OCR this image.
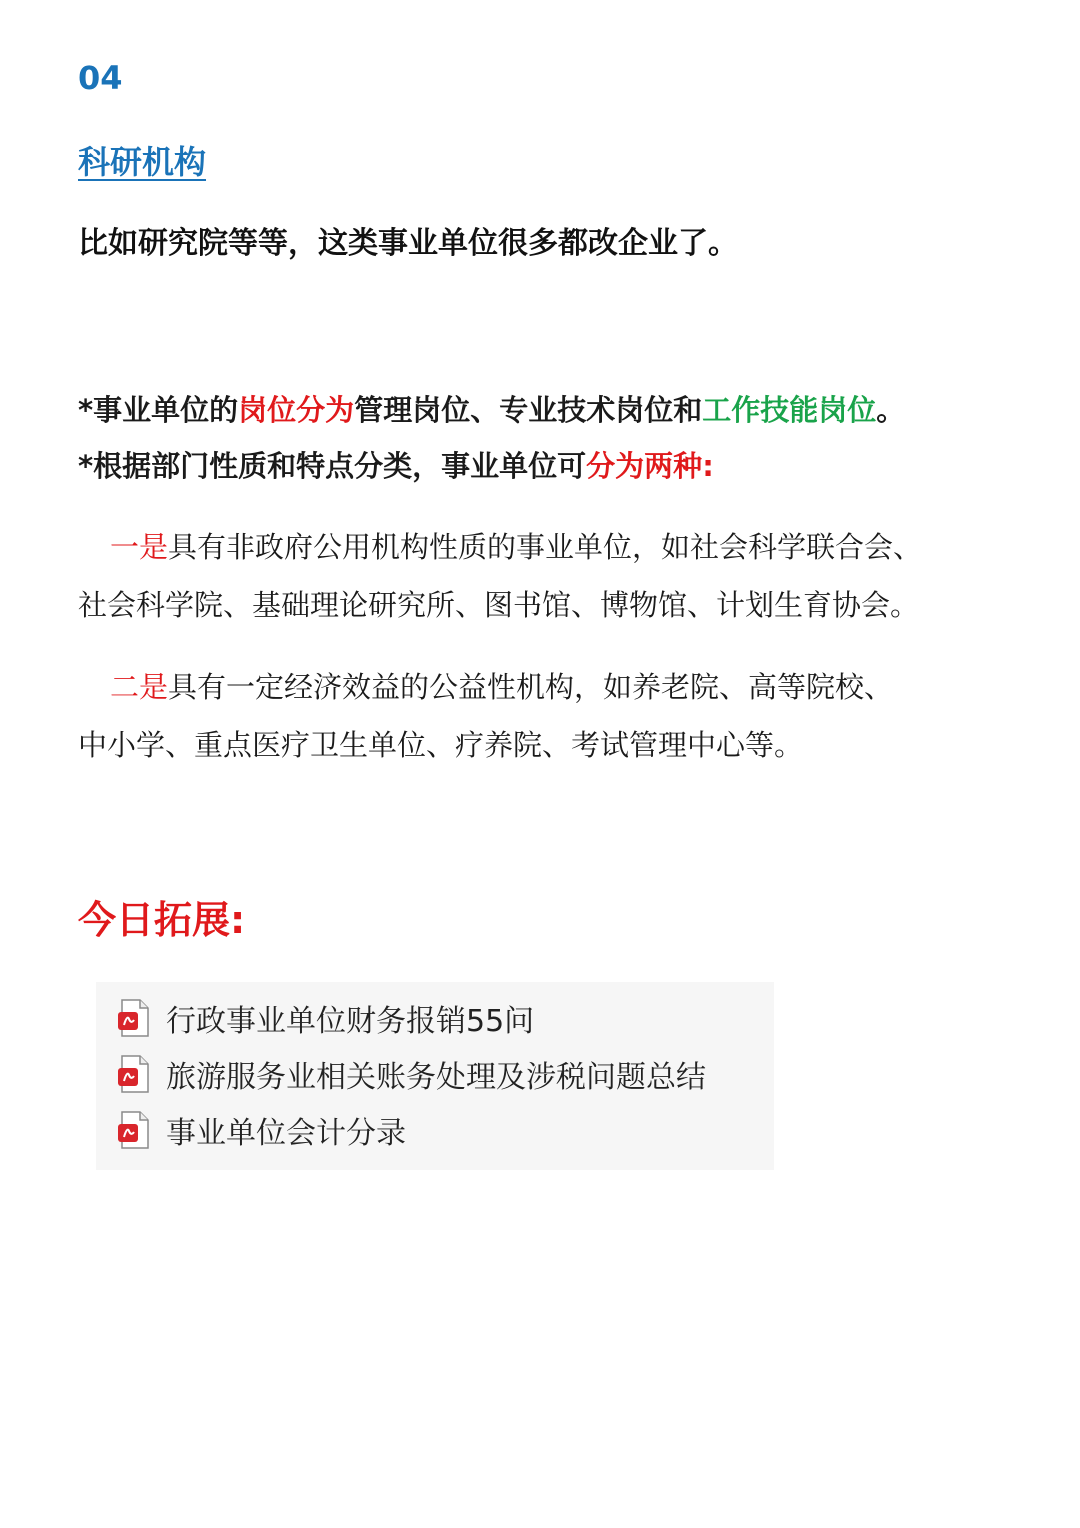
04
科研机构
比如研究院等等，这类事业单位很多都改企业了。
*事业单位的岗位分为管理岗位、专业技术岗位和工作技能岗位。
*根据部门性质和特点分类，事业单位可分为两种:
一是具有非政府公用机构性质的事业单位，如社会科学联合会、
社会科学院、基础理论研究所、图书馆、博物馆、计划生育协会。
二是具有一定经济效益的公益性机构，如养老院、高等院校、
中小学、重点医疗卫生单位、疗养院、考试管理中心等。
今日拓展:
行政事业单位财务报销55问
旅游服务业相关账务处理及涉税问题总结
事业单位会计分录
